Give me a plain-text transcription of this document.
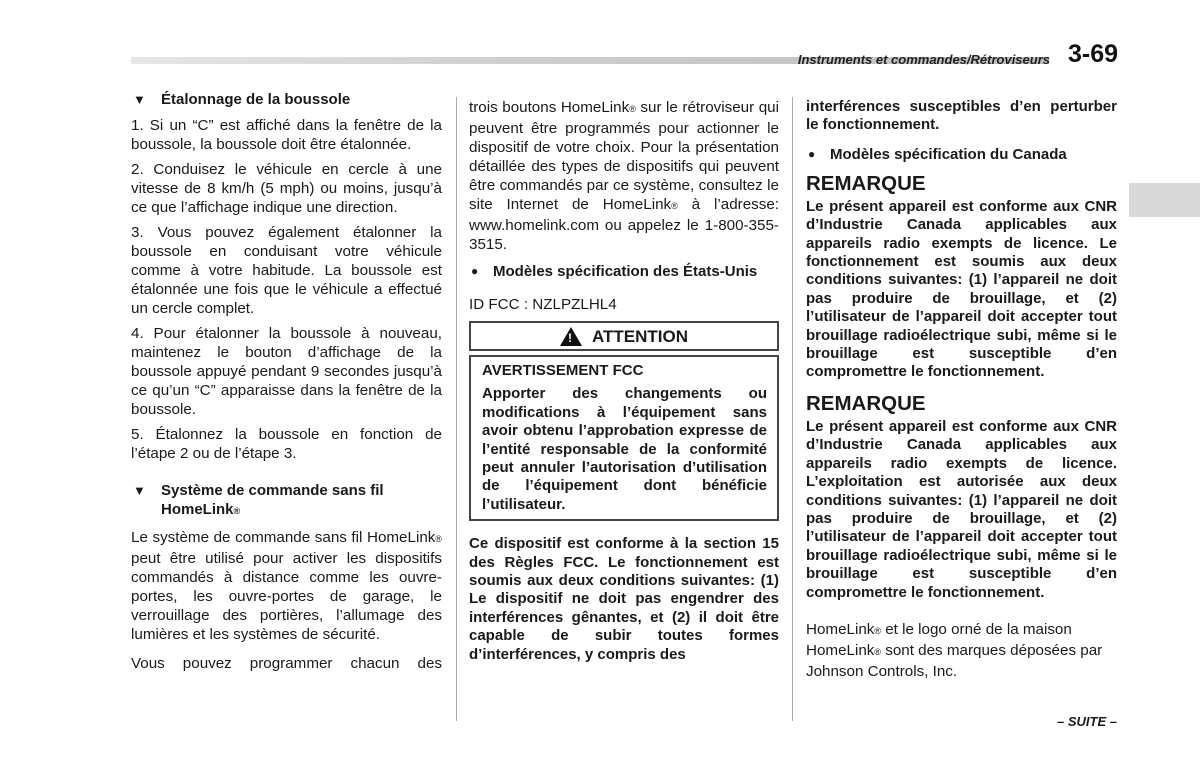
Instruments et commandes/Rétroviseurs 3-69
▼	Étalonnage de la boussole

1. Si un “C” est affiché dans la fenêtre de la boussole, la boussole doit être étalonnée.

2. Conduisez le véhicule en cercle à une vitesse de 8 km/h (5 mph) ou moins, jusqu’à ce que l’affichage indique une direction.

3. Vous pouvez également étalonner la boussole en conduisant votre véhicule comme à votre habitude. La boussole est étalonnée une fois que le véhicule a effectué un cercle complet.

4. Pour étalonner la boussole à nouveau, maintenez le bouton d’affichage de la boussole appuyé pendant 9 secondes jusqu’à ce qu’un “C” apparaisse dans la fenêtre de la boussole.

5. Étalonnez la boussole en fonction de l’étape 2 ou de l’étape 3.

▼	Système de commande sans fil HomeLink®

Le système de commande sans fil HomeLink® peut être utilisé pour activer les dispositifs commandés à distance comme les ouvre-portes, les ouvre-portes de garage, le verrouillage des portières, l’allumage des lumières et les systèmes de sécurité.

Vous pouvez programmer chacun des

trois boutons HomeLink® sur le rétroviseur qui peuvent être programmés pour actionner le dispositif de votre choix. Pour la présentation détaillée des types de dispositifs qui peuvent être commandés par ce système, consultez le site Internet de HomeLink® à l’adresse: www.homelink.com ou appelez le 1-800-355-3515.

● Modèles spécification des États-Unis

ID FCC : NZLPZLHL4

! ATTENTION
AVERTISSEMENT FCC

Apporter des changements ou modifications à l’équipement sans avoir obtenu l’approbation expresse de l’entité responsable de la conformité peut annuler l’autorisation d’utilisation de l’équipement dont bénéficie l’utilisateur.

Ce dispositif est conforme à la section 15 des Règles FCC. Le fonctionnement est soumis aux deux conditions suivantes: (1) Le dispositif ne doit pas engendrer des interférences gênantes, et (2) il doit être capable de subir toutes formes d’interférences, y compris des

interférences susceptibles d’en perturber le fonctionnement.

● Modèles spécification du Canada
REMARQUE

Le présent appareil est conforme aux CNR d’Industrie Canada applicables aux appareils radio exempts de licence. Le fonctionnement est soumis aux deux conditions suivantes: (1) l’appareil ne doit pas produire de brouillage, et (2) l’utilisateur de l’appareil doit accepter tout brouillage radioélectrique subi, même si le brouillage est susceptible d’en compromettre le fonctionnement.

REMARQUE

Le présent appareil est conforme aux CNR d’Industrie Canada applicables aux appareils radio exempts de licence. L’exploitation est autorisée aux deux conditions suivantes: (1) l’appareil ne doit pas produire de brouillage, et (2) l’utilisateur de l’appareil doit accepter tout brouillage radioélectrique subi, même si le brouillage est susceptible d’en compromettre le fonctionnement.

HomeLink® et le logo orné de la maison HomeLink® sont des marques déposées par Johnson Controls, Inc.

– SUITE –
